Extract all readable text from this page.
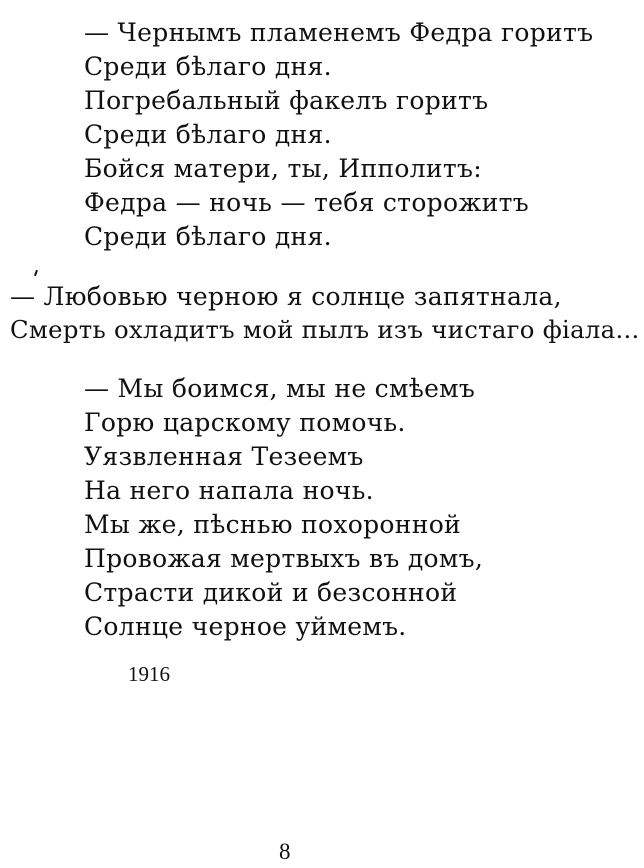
— Чернымъ пламенемъ Федра горитъ
Среди бѣлаго дня.
Погребальный факелъ горитъ
Среди бѣлаго дня.
Бойся матери, ты, Ипполитъ:
Федра — ночь — тебя сторожитъ
Среди бѣлаго дня.
— Любовью черною я солнце запятнала,
Смерть охладитъ мой пылъ изъ чистаго фіала...
— Мы боимся, мы не смѣемъ
Горю царскому помочь.
Уязвленная Тезеемъ
На него напала ночь.
Мы же, пѣснью похоронной
Провожая мертвыхъ въ домъ,
Страсти дикой и безсонной
Солнце черное уймемъ.
1916
8
